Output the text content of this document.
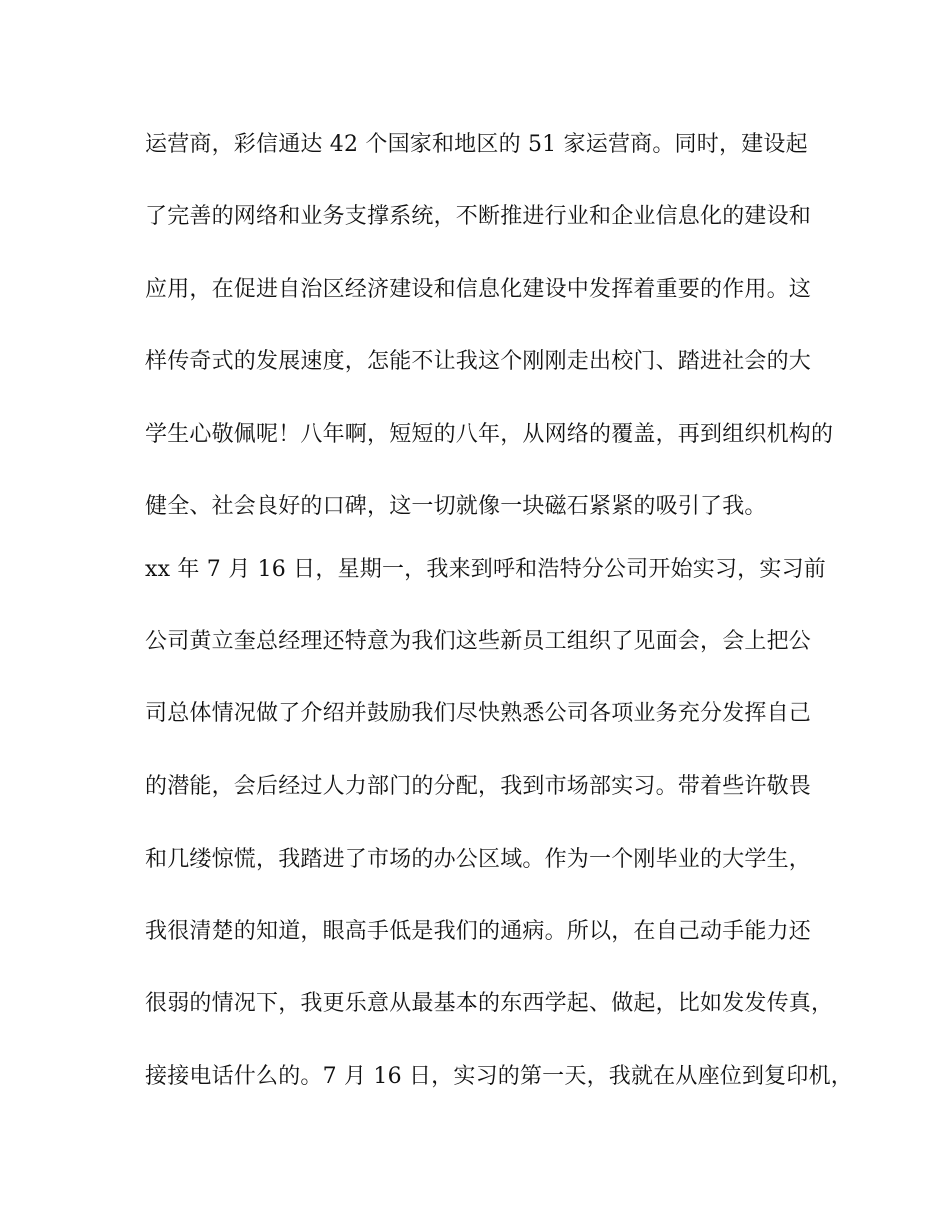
运营商，彩信通达 42 个国家和地区的 51 家运营商。同时，建设起
了完善的网络和业务支撑系统，不断推进行业和企业信息化的建设和
应用，在促进自治区经济建设和信息化建设中发挥着重要的作用。这
样传奇式的发展速度，怎能不让我这个刚刚走出校门、踏进社会的大
学生心敬佩呢！八年啊，短短的八年，从网络的覆盖，再到组织机构的
健全、社会良好的口碑，这一切就像一块磁石紧紧的吸引了我。
xx 年 7 月 16 日，星期一，我来到呼和浩特分公司开始实习，实习前
公司黄立奎总经理还特意为我们这些新员工组织了见面会，会上把公
司总体情况做了介绍并鼓励我们尽快熟悉公司各项业务充分发挥自己
的潜能，会后经过人力部门的分配，我到市场部实习。带着些许敬畏
和几缕惊慌，我踏进了市场的办公区域。作为一个刚毕业的大学生，
我很清楚的知道，眼高手低是我们的通病。所以，在自己动手能力还
很弱的情况下，我更乐意从最基本的东西学起、做起，比如发发传真，
接接电话什么的。7 月 16 日，实习的第一天，我就在从座位到复印机，
